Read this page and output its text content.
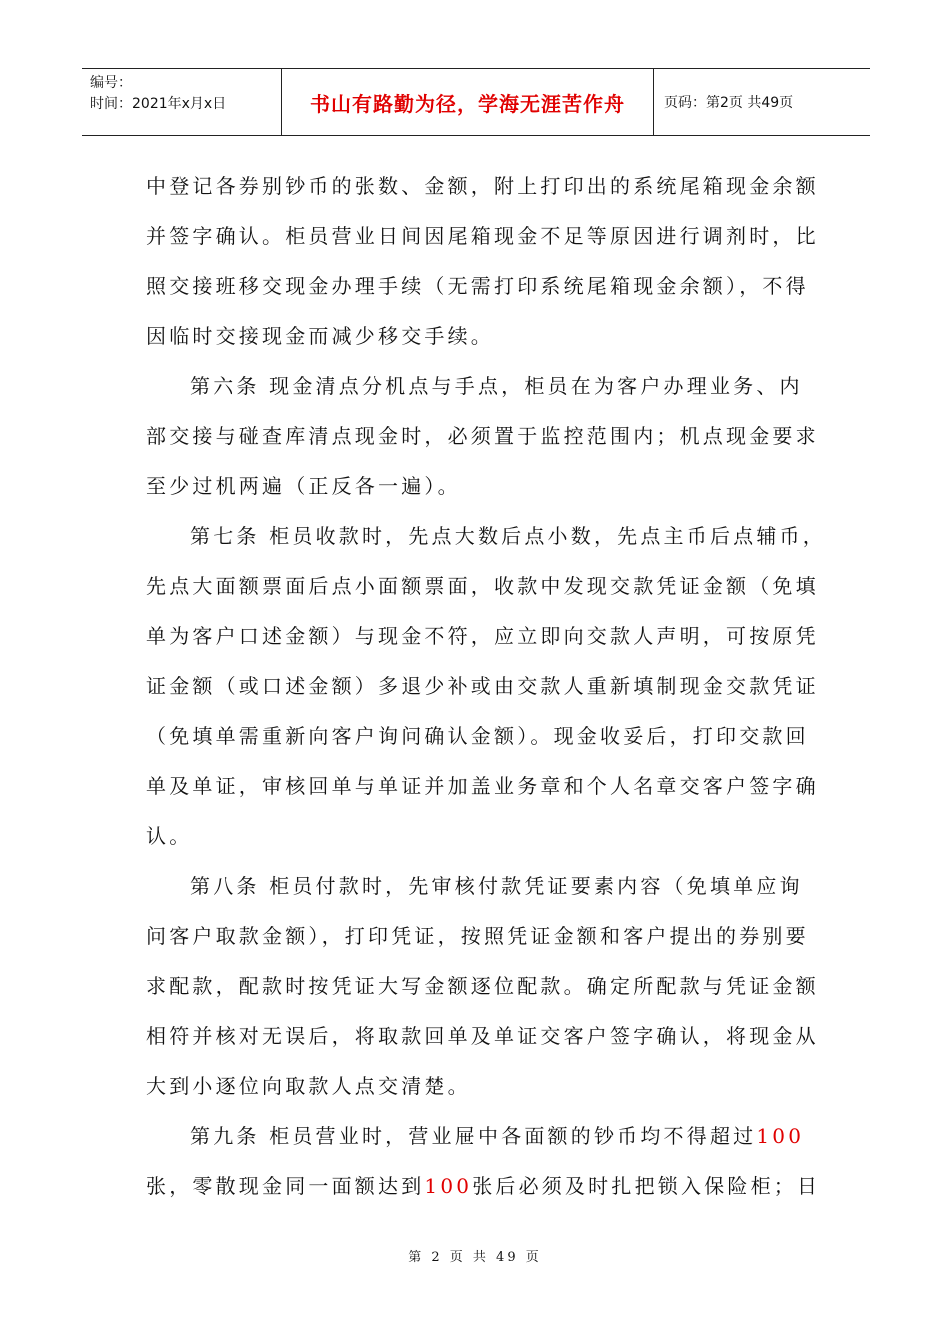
编号：
时间：2021年x月x日	书山有路勤为径，学海无涯苦作舟	页码：第2页 共49页
中登记各券别钞币的张数、金额，附上打印出的系统尾箱现金余额
并签字确认。柜员营业日间因尾箱现金不足等原因进行调剂时，比
照交接班移交现金办理手续（无需打印系统尾箱现金余额），不得
因临时交接现金而减少移交手续。
第六条 现金清点分机点与手点，柜员在为客户办理业务、内
部交接与碰查库清点现金时，必须置于监控范围内；机点现金要求
至少过机两遍（正反各一遍）。
第七条 柜员收款时，先点大数后点小数，先点主币后点辅币，
先点大面额票面后点小面额票面，收款中发现交款凭证金额（免填
单为客户口述金额）与现金不符，应立即向交款人声明，可按原凭
证金额（或口述金额）多退少补或由交款人重新填制现金交款凭证
（免填单需重新向客户询问确认金额）。现金收妥后，打印交款回
单及单证，审核回单与单证并加盖业务章和个人名章交客户签字确
认。
第八条 柜员付款时，先审核付款凭证要素内容（免填单应询
问客户取款金额），打印凭证，按照凭证金额和客户提出的券别要
求配款，配款时按凭证大写金额逐位配款。确定所配款与凭证金额
相符并核对无误后，将取款回单及单证交客户签字确认，将现金从
大到小逐位向取款人点交清楚。
第九条 柜员营业时，营业屉中各面额的钞币均不得超过100
张，零散现金同一面额达到100张后必须及时扎把锁入保险柜；日
第 2 页 共 49 页
